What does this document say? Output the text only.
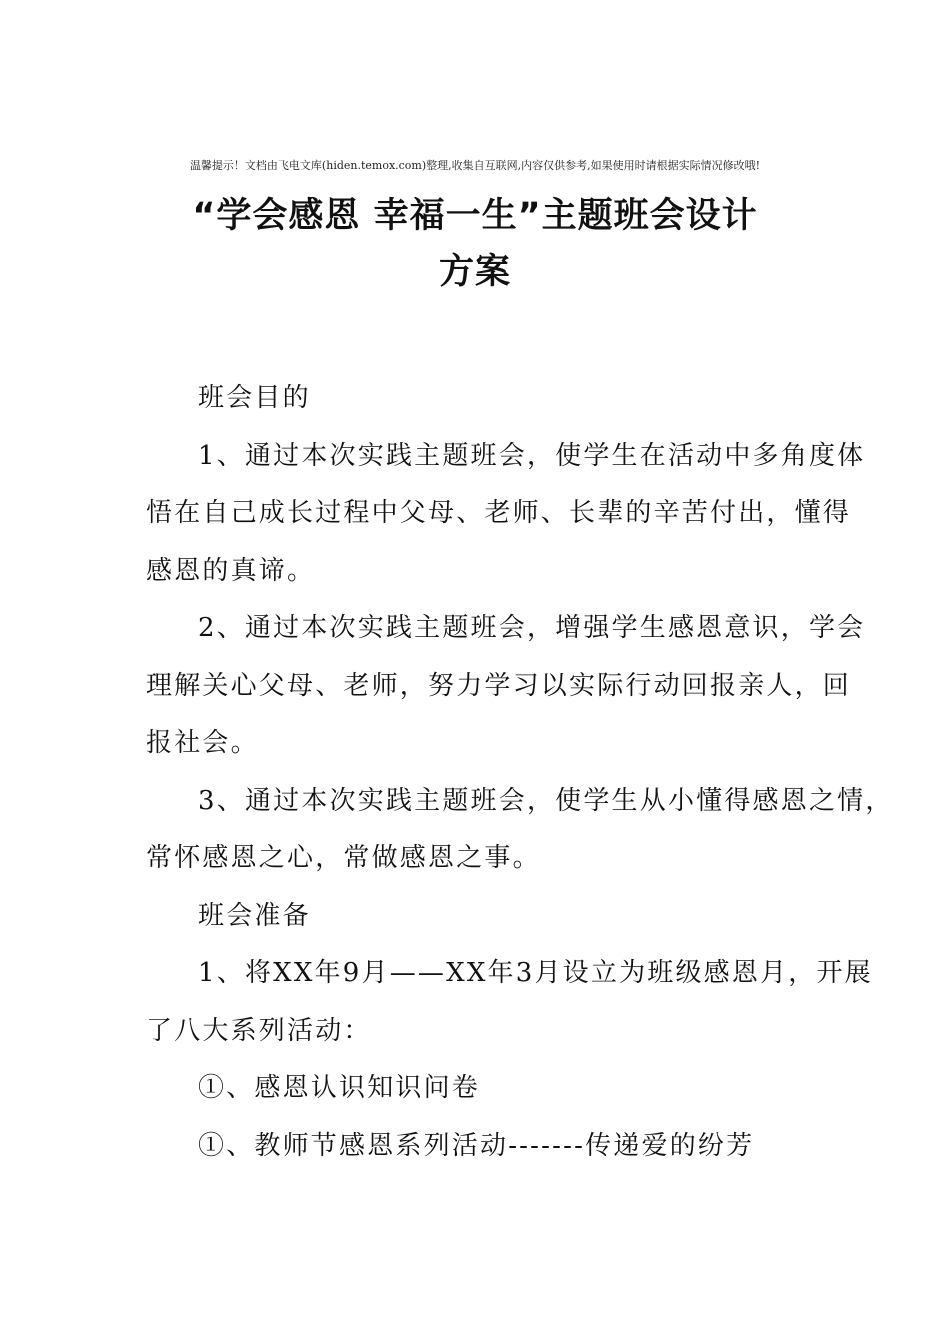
温馨提示！文档由飞电文库(hiden.temox.com)整理,收集自互联网,内容仅供参考,如果使用时请根据实际情况修改哦!
“学会感恩 幸福一生”主题班会设计
方案
班会目的
1、通过本次实践主题班会，使学生在活动中多角度体
悟在自己成长过程中父母、老师、长辈的辛苦付出，懂得
感恩的真谛。
2、通过本次实践主题班会，增强学生感恩意识，学会
理解关心父母、老师，努力学习以实际行动回报亲人，回
报社会。
3、通过本次实践主题班会，使学生从小懂得感恩之情，
常怀感恩之心，常做感恩之事。
班会准备
1、将XX年9月——XX年3月设立为班级感恩月，开展
了八大系列活动：
①、感恩认识知识问卷
①、教师节感恩系列活动-------传递爱的纷芳
